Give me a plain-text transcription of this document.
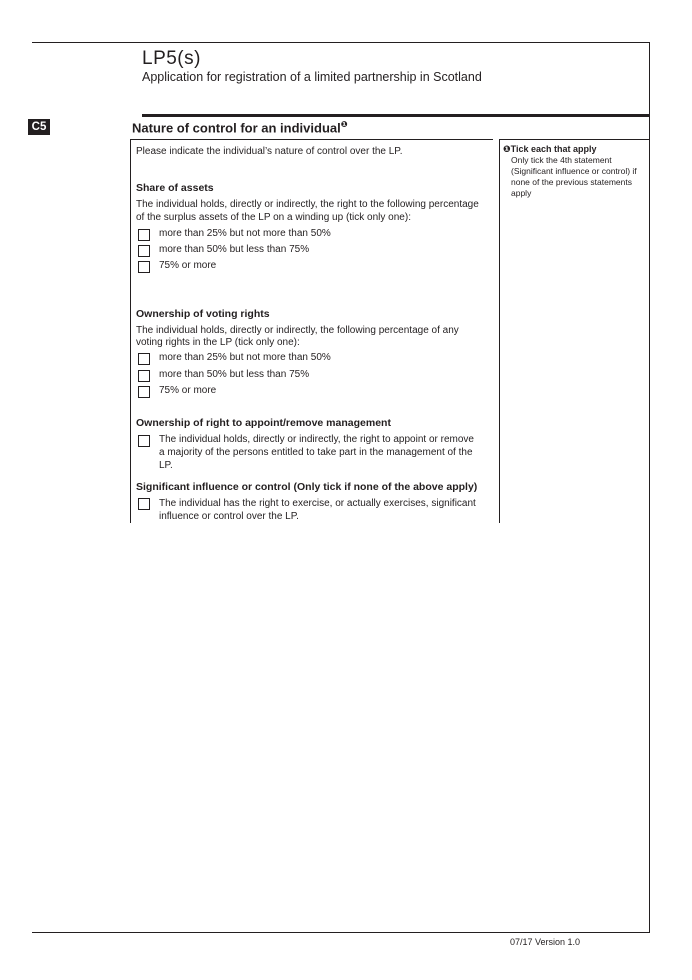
LP5(s)
Application for registration of a limited partnership in Scotland
C5	Nature of control for an individual$^❶$
Please indicate the individual’s nature of control over the LP.
Share of assets
The individual holds, directly or indirectly, the right to the following percentage
of the surplus assets of the LP on a winding up (tick only one):
more than 25% but not more than 50%
more than 50% but less than 75%
75% or more
Ownership of voting rights
The individual holds, directly or indirectly, the following percentage of any
voting rights in the LP (tick only one):
more than 25% but not more than 50%
more than 50% but less than 75%
75% or more
Ownership of right to appoint/remove management
The individual holds, directly or indirectly, the right to appoint or remove
a majority of the persons entitled to take part in the management of the
LP.
Significant influence or control (Only tick if none of the above apply)
The individual has the right to exercise, or actually exercises, significant
influence or control over the LP.
❶Tick each that apply
Only tick the 4th statement
(Significant influence or control) if
none of the previous statements
apply
07/17 Version 1.0
